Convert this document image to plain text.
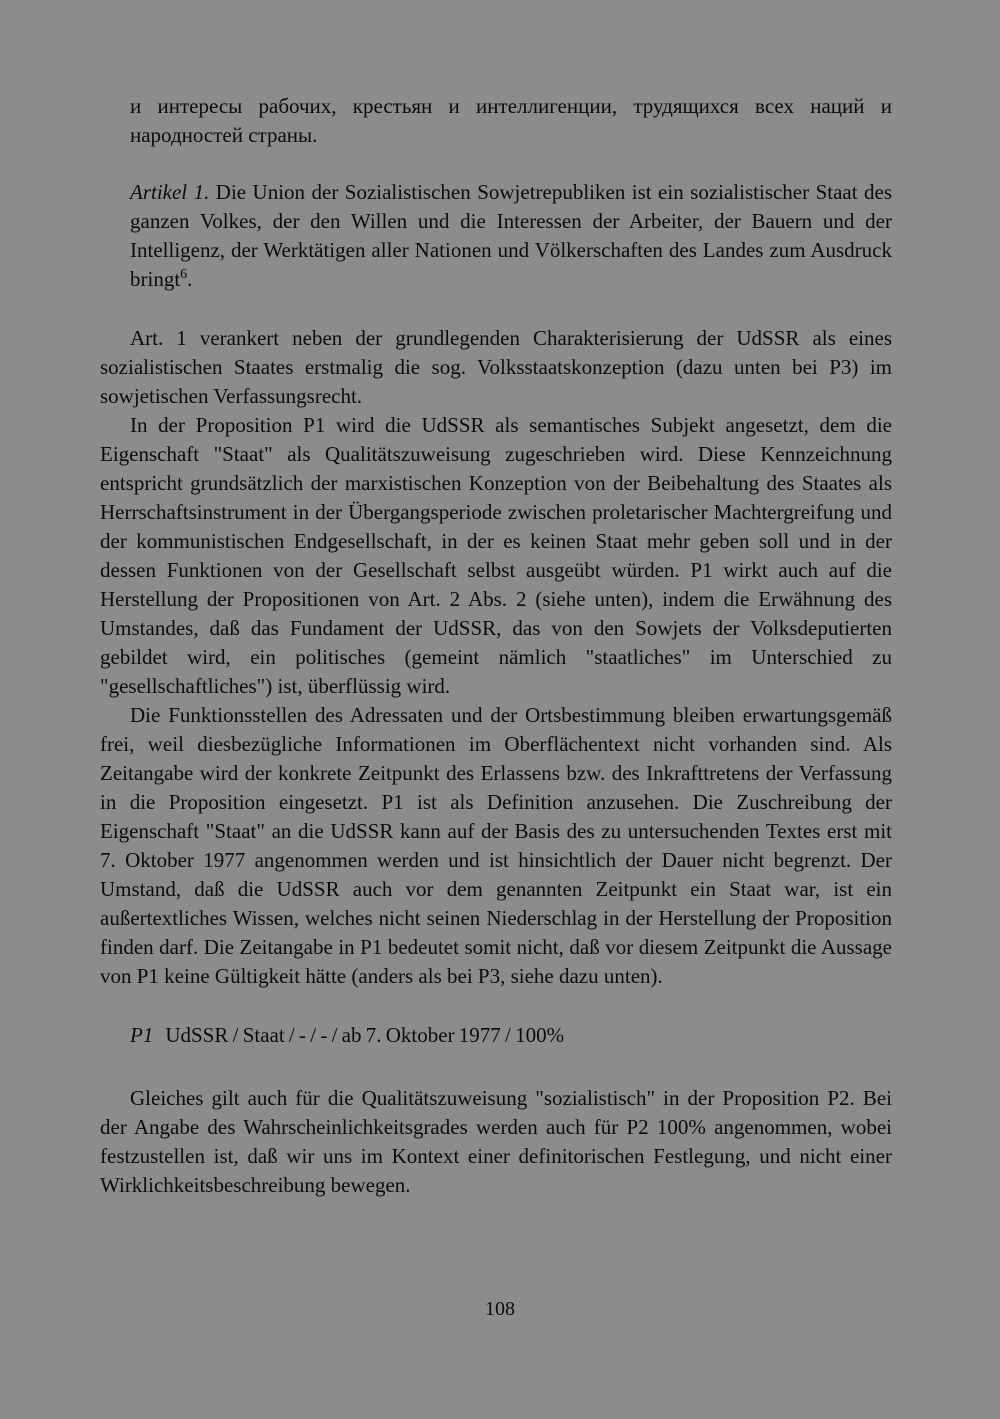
и интересы рабочих, крестьян и интеллигенции, трудящихся всех наций и народностей страны.

Artikel 1. Die Union der Sozialistischen Sowjetrepubliken ist ein sozialistischer Staat des ganzen Volkes, der den Willen und die Interessen der Arbeiter, der Bauern und der Intelligenz, der Werktätigen aller Nationen und Völkerschaften des Landes zum Ausdruck bringt$^6$.

Art. 1 verankert neben der grundlegenden Charakterisierung der UdSSR als eines sozialistischen Staates erstmalig die sog. Volksstaatskonzeption (dazu unten bei P3) im sowjetischen Verfassungsrecht.

In der Proposition P1 wird die UdSSR als semantisches Subjekt angesetzt, dem die Eigenschaft "Staat" als Qualitätszuweisung zugeschrieben wird. Diese Kennzeichnung entspricht grundsätzlich der marxistischen Konzeption von der Beibehaltung des Staates als Herrschaftsinstrument in der Übergangsperiode zwischen proletarischer Machtergreifung und der kommunistischen Endgesellschaft, in der es keinen Staat mehr geben soll und in der dessen Funktionen von der Gesellschaft selbst ausgeübt würden. P1 wirkt auch auf die Herstellung der Propositionen von Art. 2 Abs. 2 (siehe unten), indem die Erwähnung des Umstandes, daß das Fundament der UdSSR, das von den Sowjets der Volksdeputierten gebildet wird, ein politisches (gemeint nämlich "staatliches" im Unterschied zu "gesellschaftliches") ist, überflüssig wird.

Die Funktionsstellen des Adressaten und der Ortsbestimmung bleiben erwartungsgemäß frei, weil diesbezügliche Informationen im Oberflächentext nicht vorhanden sind. Als Zeitangabe wird der konkrete Zeitpunkt des Erlassens bzw. des Inkrafttretens der Verfassung in die Proposition eingesetzt. P1 ist als Definition anzusehen. Die Zuschreibung der Eigenschaft "Staat" an die UdSSR kann auf der Basis des zu untersuchenden Textes erst mit 7. Oktober 1977 angenommen werden und ist hinsichtlich der Dauer nicht begrenzt. Der Umstand, daß die UdSSR auch vor dem genannten Zeitpunkt ein Staat war, ist ein außertextliches Wissen, welches nicht seinen Niederschlag in der Herstellung der Proposition finden darf. Die Zeitangabe in P1 bedeutet somit nicht, daß vor diesem Zeitpunkt die Aussage von P1 keine Gültigkeit hätte (anders als bei P3, siehe dazu unten).

P1 UdSSR / Staat / - / - / ab 7. Oktober 1977 / 100%

Gleiches gilt auch für die Qualitätszuweisung "sozialistisch" in der Proposition P2. Bei der Angabe des Wahrscheinlichkeitsgrades werden auch für P2 100% angenommen, wobei festzustellen ist, daß wir uns im Kontext einer definitorischen Festlegung, und nicht einer Wirklichkeitsbeschreibung bewegen.

108
